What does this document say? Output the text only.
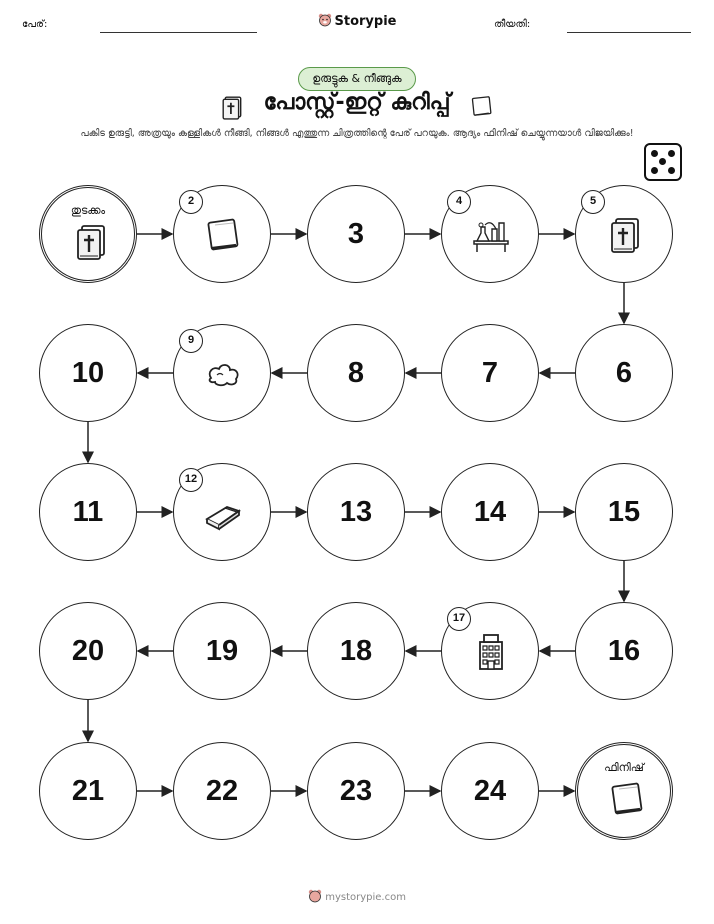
പേര്:	Storypie	തീയതി:
ഉരുട്ടുക & നീങ്ങുക
പോസ്റ്റ്-ഇറ്റ് കുറിപ്പ്
പകിട ഉരുട്ടി, അത്രയും കള്ളികൾ നീങ്ങി, നിങ്ങൾ എത്തുന്ന ചിത്രത്തിന്റെ പേര് പറയുക. ആദ്യം ഫിനിഷ് ചെയ്യുന്നയാൾ വിജയിക്കും!
തുടക്കം
2
3
4	5
10
9
8	7	6
11
12
13	14	15
20	19	18
17
16
21	22	23	24
ഫിനിഷ്
mystorypie.com
